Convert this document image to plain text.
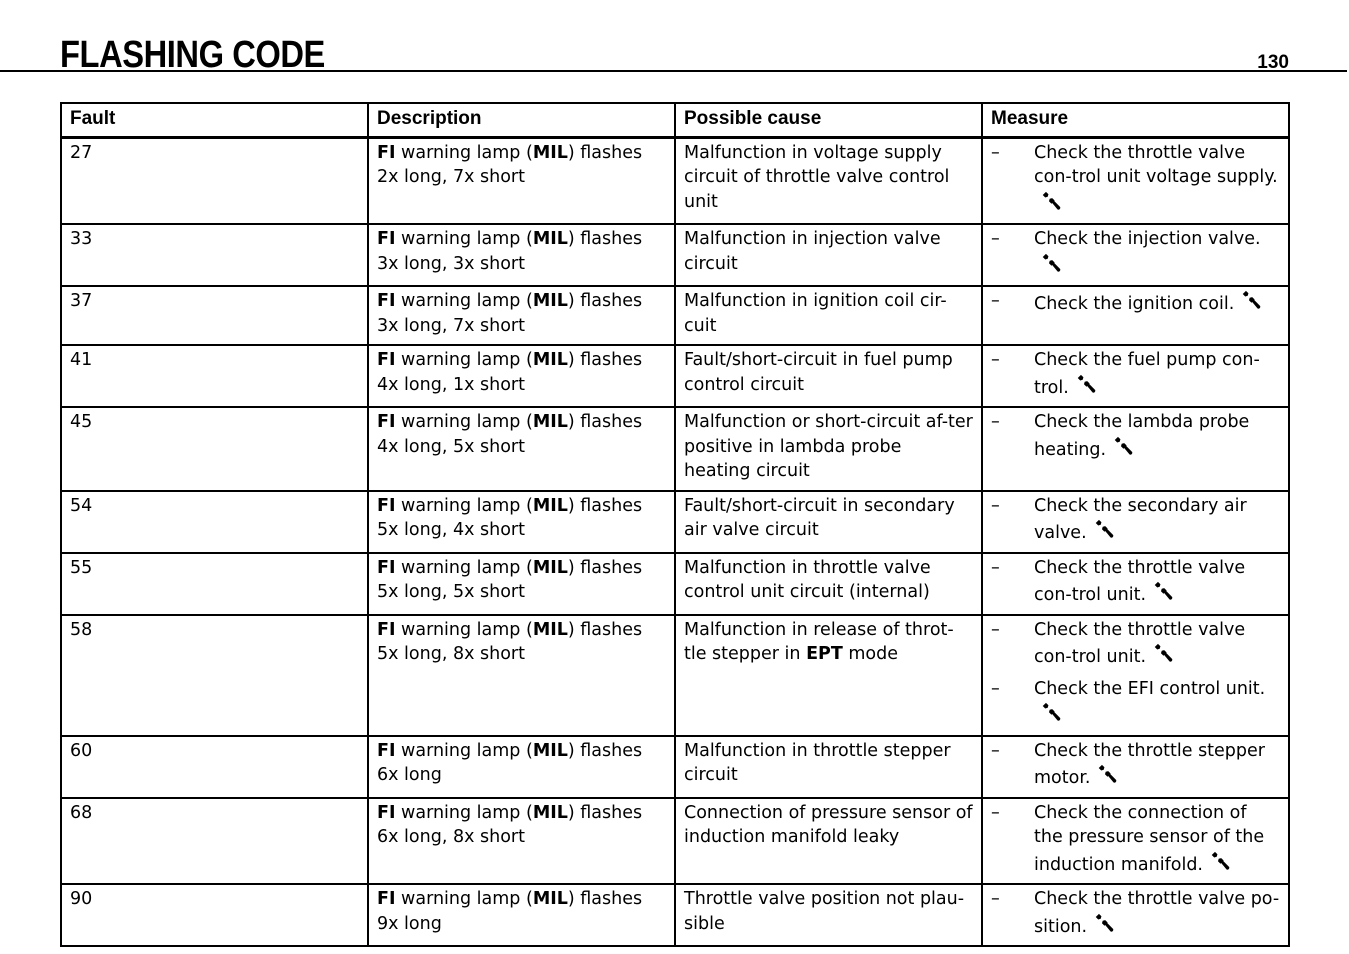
FLASHING CODE	130
Fault	Description	Possible cause	Measure
27	FI warning lamp (MIL) flashes 2x long, 7x short	Malfunction in voltage supply circuit of throttle valve control unit	– Check the throttle valve con-trol unit voltage supply.

33	FI warning lamp (MIL) flashes 3x long, 3x short	Malfunction in injection valve circuit	– Check the injection valve.

37	FI warning lamp (MIL) flashes 3x long, 7x short	Malfunction in ignition coil cir-cuit	– Check the ignition coil.

41	FI warning lamp (MIL) flashes 4x long, 1x short	Fault/short-circuit in fuel pump control circuit	– Check the fuel pump con-trol.

45	FI warning lamp (MIL) flashes 4x long, 5x short	Malfunction or short-circuit af-ter positive in lambda probe heating circuit	– Check the lambda probe heating.

54	FI warning lamp (MIL) flashes 5x long, 4x short	Fault/short-circuit in secondary air valve circuit	– Check the secondary air valve.

55	FI warning lamp (MIL) flashes 5x long, 5x short	Malfunction in throttle valve control unit circuit (internal)	– Check the throttle valve con-trol unit.

58	FI warning lamp (MIL) flashes 5x long, 8x short	Malfunction in release of throt-tle stepper in EPT mode	– Check the throttle valve con-trol unit.
– Check the EFI control unit.

60	FI warning lamp (MIL) flashes 6x long	Malfunction in throttle stepper circuit	– Check the throttle stepper motor.

68	FI warning lamp (MIL) flashes 6x long, 8x short	Connection of pressure sensor of induction manifold leaky	– Check the connection of the pressure sensor of the induction manifold.

90	FI warning lamp (MIL) flashes 9x long	Throttle valve position not plau-sible	– Check the throttle valve po-sition.
